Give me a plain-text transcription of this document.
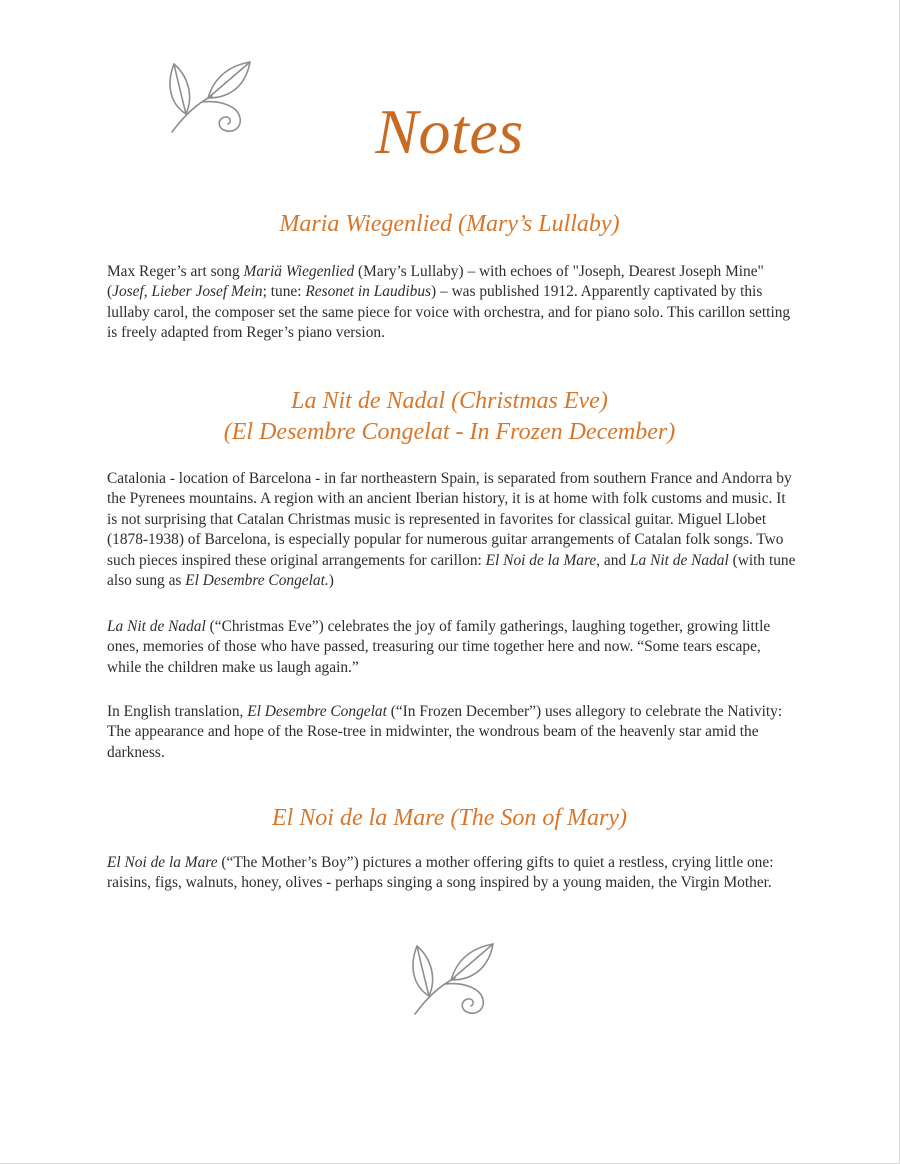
Notes
Maria Wiegenlied (Mary’s Lullaby)

Max Reger’s art song Mariä Wiegenlied (Mary’s Lullaby) – with echoes of "Joseph, Dearest Joseph Mine" (Josef, Lieber Josef Mein; tune: Resonet in Laudibus) – was published 1912. Apparently captivated by this lullaby carol, the composer set the same piece for voice with orchestra, and for piano solo. This carillon setting is freely adapted from Reger’s piano version.

La Nit de Nadal (Christmas Eve)
(El Desembre Congelat - In Frozen December)

Catalonia - location of Barcelona - in far northeastern Spain, is separated from southern France and Andorra by the Pyrenees mountains. A region with an ancient Iberian history, it is at home with folk customs and music. It is not surprising that Catalan Christmas music is represented in favorites for classical guitar. Miguel Llobet (1878-1938) of Barcelona, is especially popular for numerous guitar arrangements of Catalan folk songs. Two such pieces inspired these original arrangements for carillon: El Noi de la Mare, and La Nit de Nadal (with tune also sung as El Desembre Congelat.)

La Nit de Nadal (“Christmas Eve”) celebrates the joy of family gatherings, laughing together, growing little ones, memories of those who have passed, treasuring our time together here and now. “Some tears escape, while the children make us laugh again.”

In English translation, El Desembre Congelat (“In Frozen December”) uses allegory to celebrate the Nativity: The appearance and hope of the Rose-tree in midwinter, the wondrous beam of the heavenly star amid the darkness.

El Noi de la Mare (The Son of Mary)

El Noi de la Mare (“The Mother’s Boy”) pictures a mother offering gifts to quiet a restless, crying little one: raisins, figs, walnuts, honey, olives - perhaps singing a song inspired by a young maiden, the Virgin Mother.
